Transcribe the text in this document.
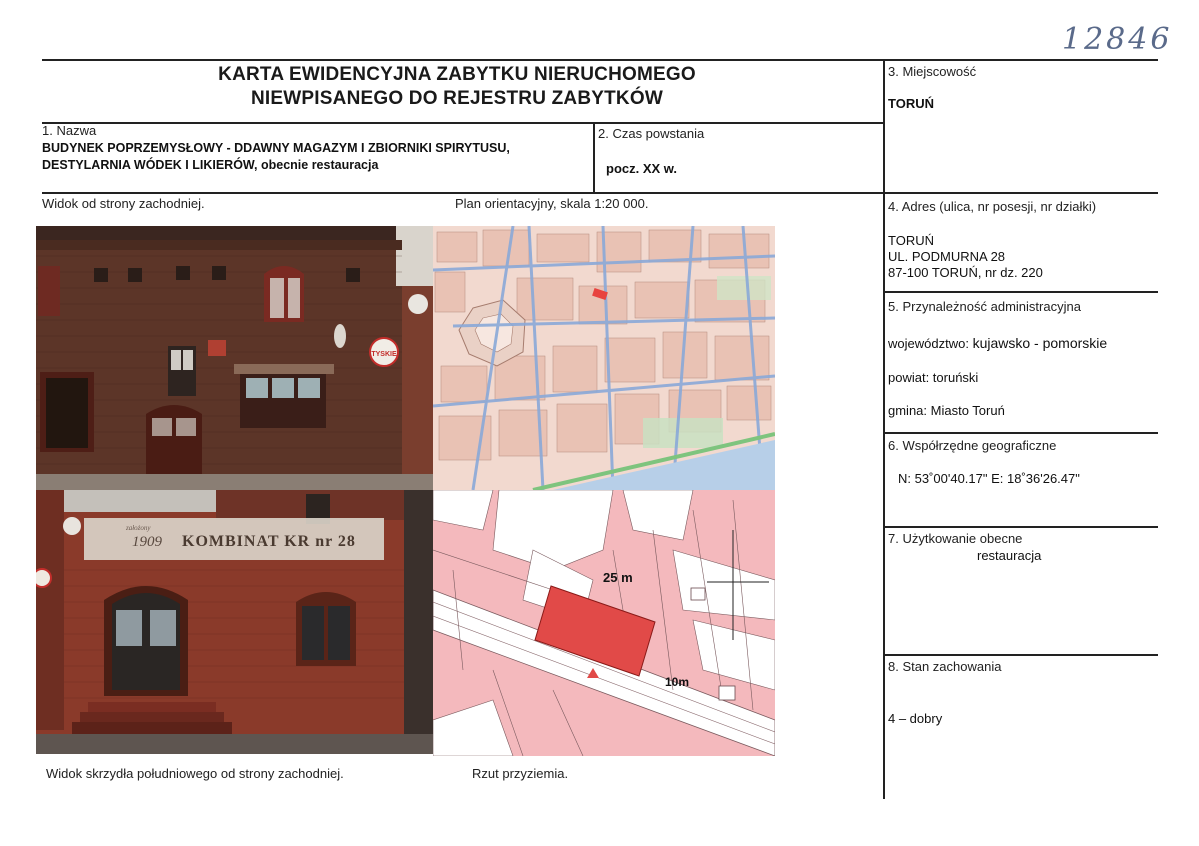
12846
KARTA EWIDENCYJNA ZABYTKU NIERUCHOMEGO
NIEWPISANEGO DO REJESTRU ZABYTKÓW
1. Nazwa
BUDYNEK POPRZEMYSŁOWY - DDAWNY MAGAZYM I ZBIORNIKI SPIRYTUSU,
DESTYLARNIA WÓDEK I LIKIERÓW, obecnie restauracja
2. Czas powstania
pocz. XX w.
3. Miejscowość
TORUŃ
4. Adres (ulica, nr posesji, nr działki)
TORUŃ
UL. PODMURNA 28
87-100 TORUŃ, nr dz. 220
5. Przynależność administracyjna
województwo: kujawsko - pomorskie
powiat: toruński
gmina: Miasto Toruń
6. Współrzędne geograficzne
N: 53˚00'40.17" E: 18˚36'26.47"
7. Użytkowanie obecne
restauracja
8. Stan zachowania
4 – dobry
Widok od strony zachodniej.	Plan orientacyjny, skala 1:20 000.
Widok skrzydła południowego od strony zachodniej.	Rzut przyziemia.
TYSKIE
założony
1909 KOMBINAT KR nr 28
25 m
10m
